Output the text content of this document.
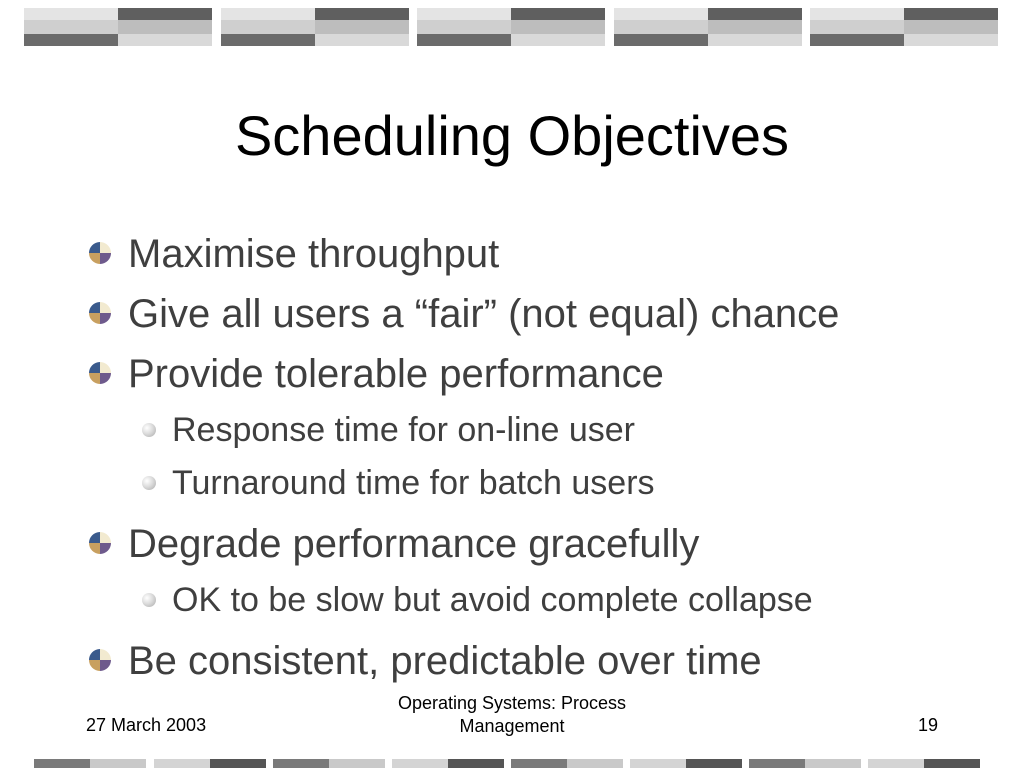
Scheduling Objectives
Maximise throughput
Give all users a “fair” (not equal) chance
Provide tolerable performance
Response time for on-line user
Turnaround time for batch users
Degrade performance gracefully
OK to be slow but avoid complete collapse
Be consistent, predictable over time
27 March 2003
Operating Systems: Process
Management	19
